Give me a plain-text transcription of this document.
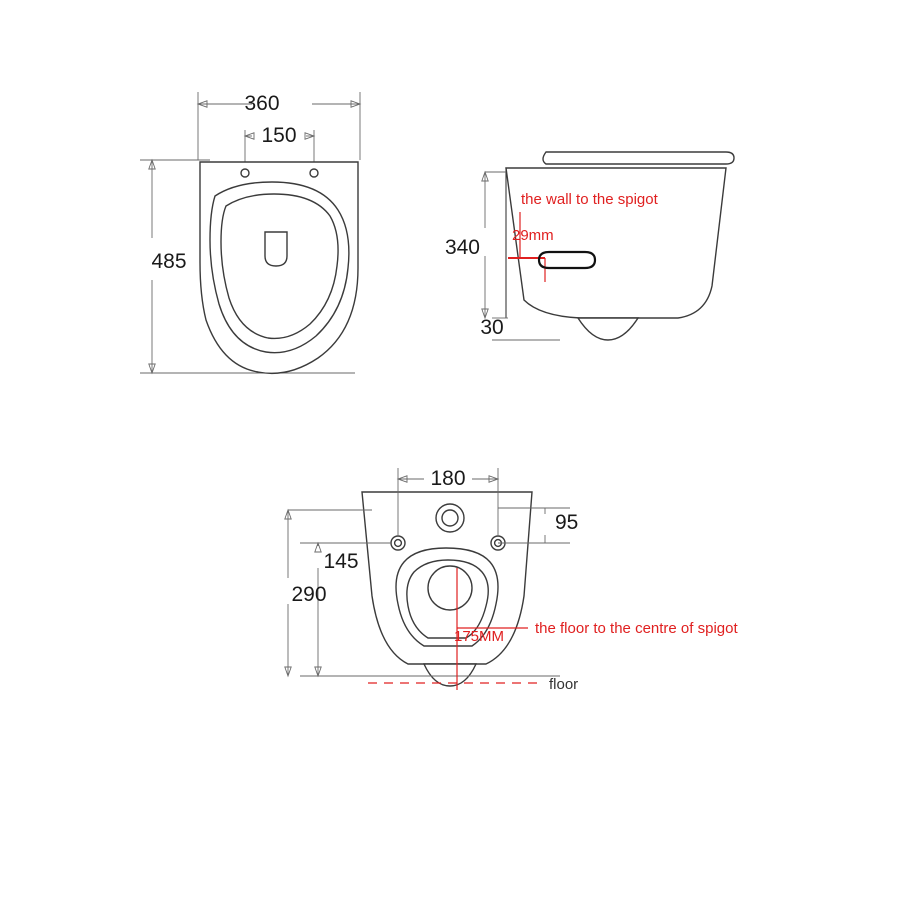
360
150
485
340
30
the wall to the spigot
29mm
180
95
145
290
175MM the floor to the centre of spigot
floor
